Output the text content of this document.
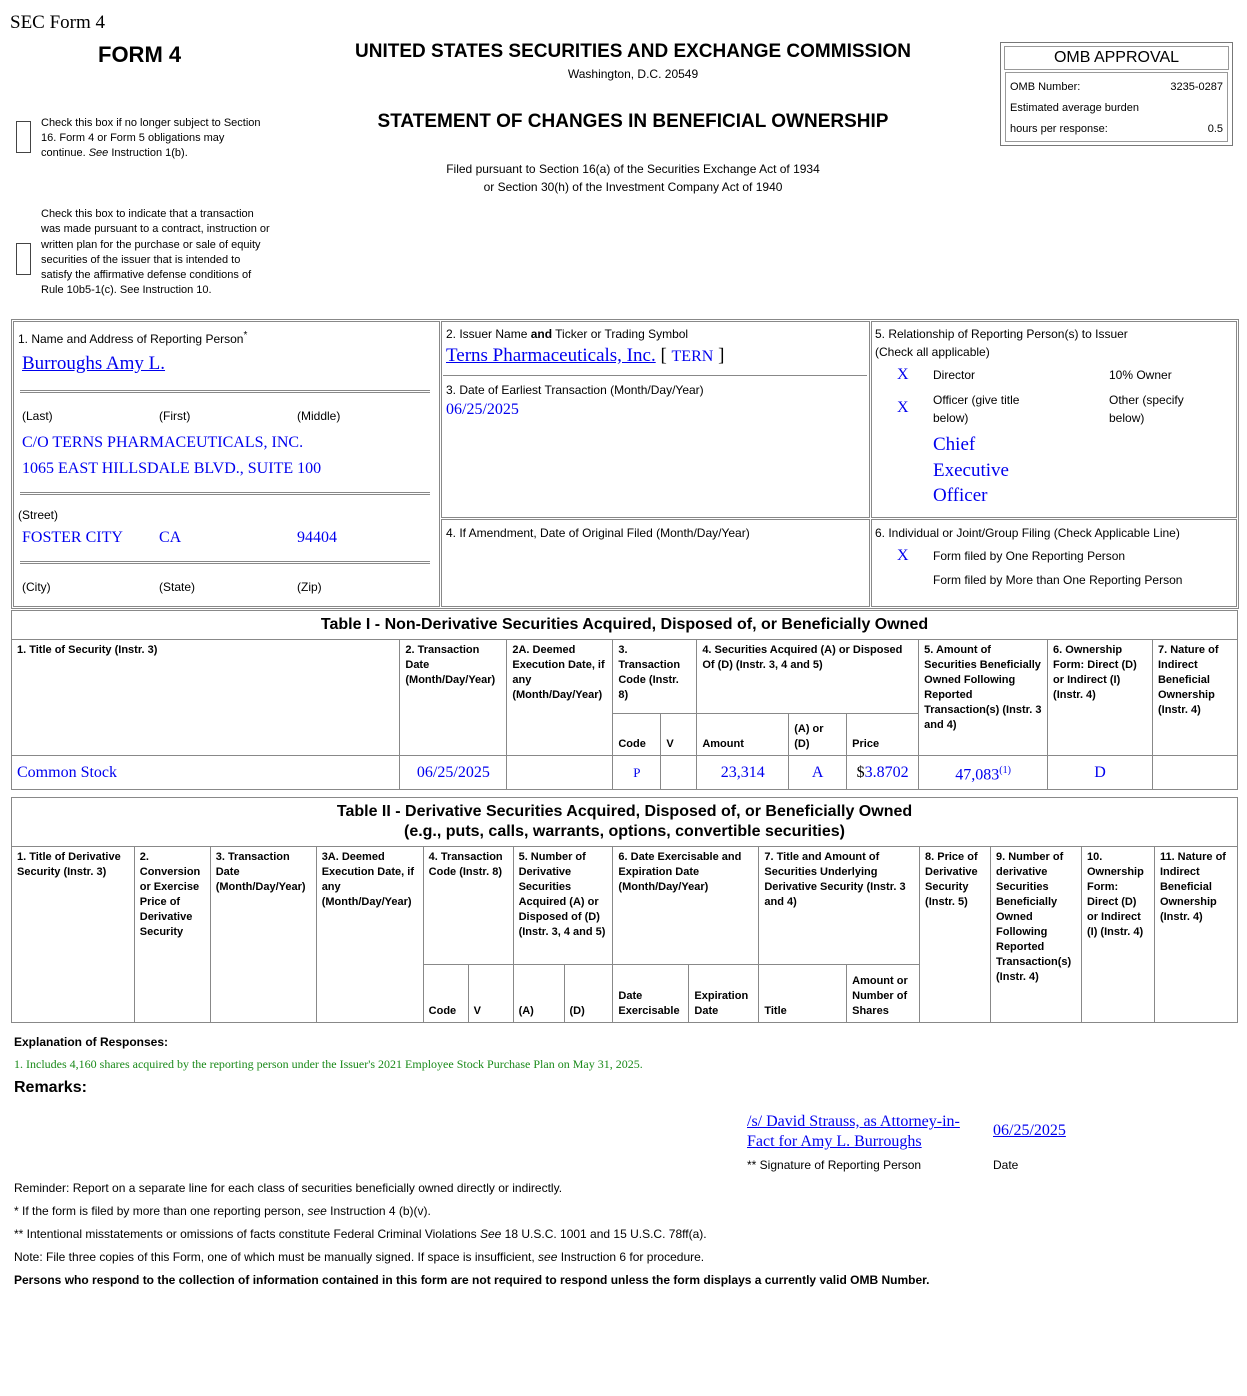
SEC Form 4
FORM 4	UNITED STATES SECURITIES AND EXCHANGE COMMISSION
Washington, D.C. 20549
STATEMENT OF CHANGES IN BENEFICIAL OWNERSHIP
Filed pursuant to Section 16(a) of the Securities Exchange Act of 1934
or Section 30(h) of the Investment Company Act of 1940
Check this box if no longer subject to Section 16. Form 4 or Form 5 obligations may continue. See Instruction 1(b).
Check this box to indicate that a transaction was made pursuant to a contract, instruction or written plan for the purchase or sale of equity securities of the issuer that is intended to satisfy the affirmative defense conditions of Rule 10b5-1(c). See Instruction 10.
OMB APPROVAL
OMB Number:	3235-0287
Estimated average burden
hours per response:	0.5
1. Name and Address of Reporting Person*
Burroughs Amy L.
(Last)	(First)	(Middle)
C/O TERNS PHARMACEUTICALS, INC.
1065 EAST HILLSDALE BLVD., SUITE 100
(Street)
FOSTER CITY CA	94404
(City)	(State)	(Zip)
2. Issuer Name and Ticker or Trading Symbol
Terns Pharmaceuticals, Inc. [ TERN ]
3. Date of Earliest Transaction (Month/Day/Year)
06/25/2025
4. If Amendment, Date of Original Filed (Month/Day/Year)
5. Relationship of Reporting Person(s) to Issuer
(Check all applicable)
X Director	10% Owner
X Officer (give title below)
Other (specify below)
Chief Executive Officer
6. Individual or Joint/Group Filing (Check Applicable Line)
X Form filed by One Reporting Person
Form filed by More than One Reporting Person
Table I - Non-Derivative Securities Acquired, Disposed of, or Beneficially Owned										
1. Title of Security (Instr. 3)	2. Transaction Date (Month/Day/Year)	2A. Deemed Execution Date, if any (Month/Day/Year)	3. Transaction Code (Instr. 8)		4. Securities Acquired (A) or Disposed Of (D) (Instr. 3, 4 and 5)			5. Amount of Securities Beneficially Owned Following Reported Transaction(s) (Instr. 3 and 4)	6. Ownership Form: Direct (D) or Indirect (I) (Instr. 4)	7. Nature of Indirect Beneficial Ownership (Instr. 4)
			Code	V	Amount	(A) or (D)	Price			
Common Stock	06/25/2025		P		23,314	A	$3.8702	47,083$^{(1)}$	D	
Table II - Derivative Securities Acquired, Disposed of, or Beneficially Owned
(e.g., puts, calls, warrants, options, convertible securities)															

1. Title of Derivative Security (Instr. 3)	2. Conversion or Exercise Price of Derivative Security	3. Transaction Date (Month/Day/Year)	3A. Deemed Execution Date, if any (Month/Day/Year)	4. Transaction Code (Instr. 8)		5. Number of Derivative Securities Acquired (A) or Disposed of (D) (Instr. 3, 4 and 5)		6. Date Exercisable and Expiration Date (Month/Day/Year)		7. Title and Amount of Securities Underlying Derivative Security (Instr. 3 and 4)		8. Price of Derivative Security (Instr. 5)	9. Number of derivative Securities Beneficially Owned Following Reported Transaction(s) (Instr. 4)	10. Ownership Form: Direct (D) or Indirect (I) (Instr. 4)	11. Nature of Indirect Beneficial Ownership (Instr. 4)
				Code	V	(A)	(D)	Date Exercisable	Expiration Date	Title	Amount or Number of Shares				
Explanation of Responses:
1. Includes 4,160 shares acquired by the reporting person under the Issuer's 2021 Employee Stock Purchase Plan on May 31, 2025.
Remarks:
/s/ David Strauss, as Attorney-in-Fact for Amy L. Burroughs
06/25/2025
** Signature of Reporting Person	Date
Reminder: Report on a separate line for each class of securities beneficially owned directly or indirectly.
* If the form is filed by more than one reporting person, see Instruction 4 (b)(v).
** Intentional misstatements or omissions of facts constitute Federal Criminal Violations See 18 U.S.C. 1001 and 15 U.S.C. 78ff(a).
Note: File three copies of this Form, one of which must be manually signed. If space is insufficient, see Instruction 6 for procedure.
Persons who respond to the collection of information contained in this form are not required to respond unless the form displays a currently valid OMB Number.
